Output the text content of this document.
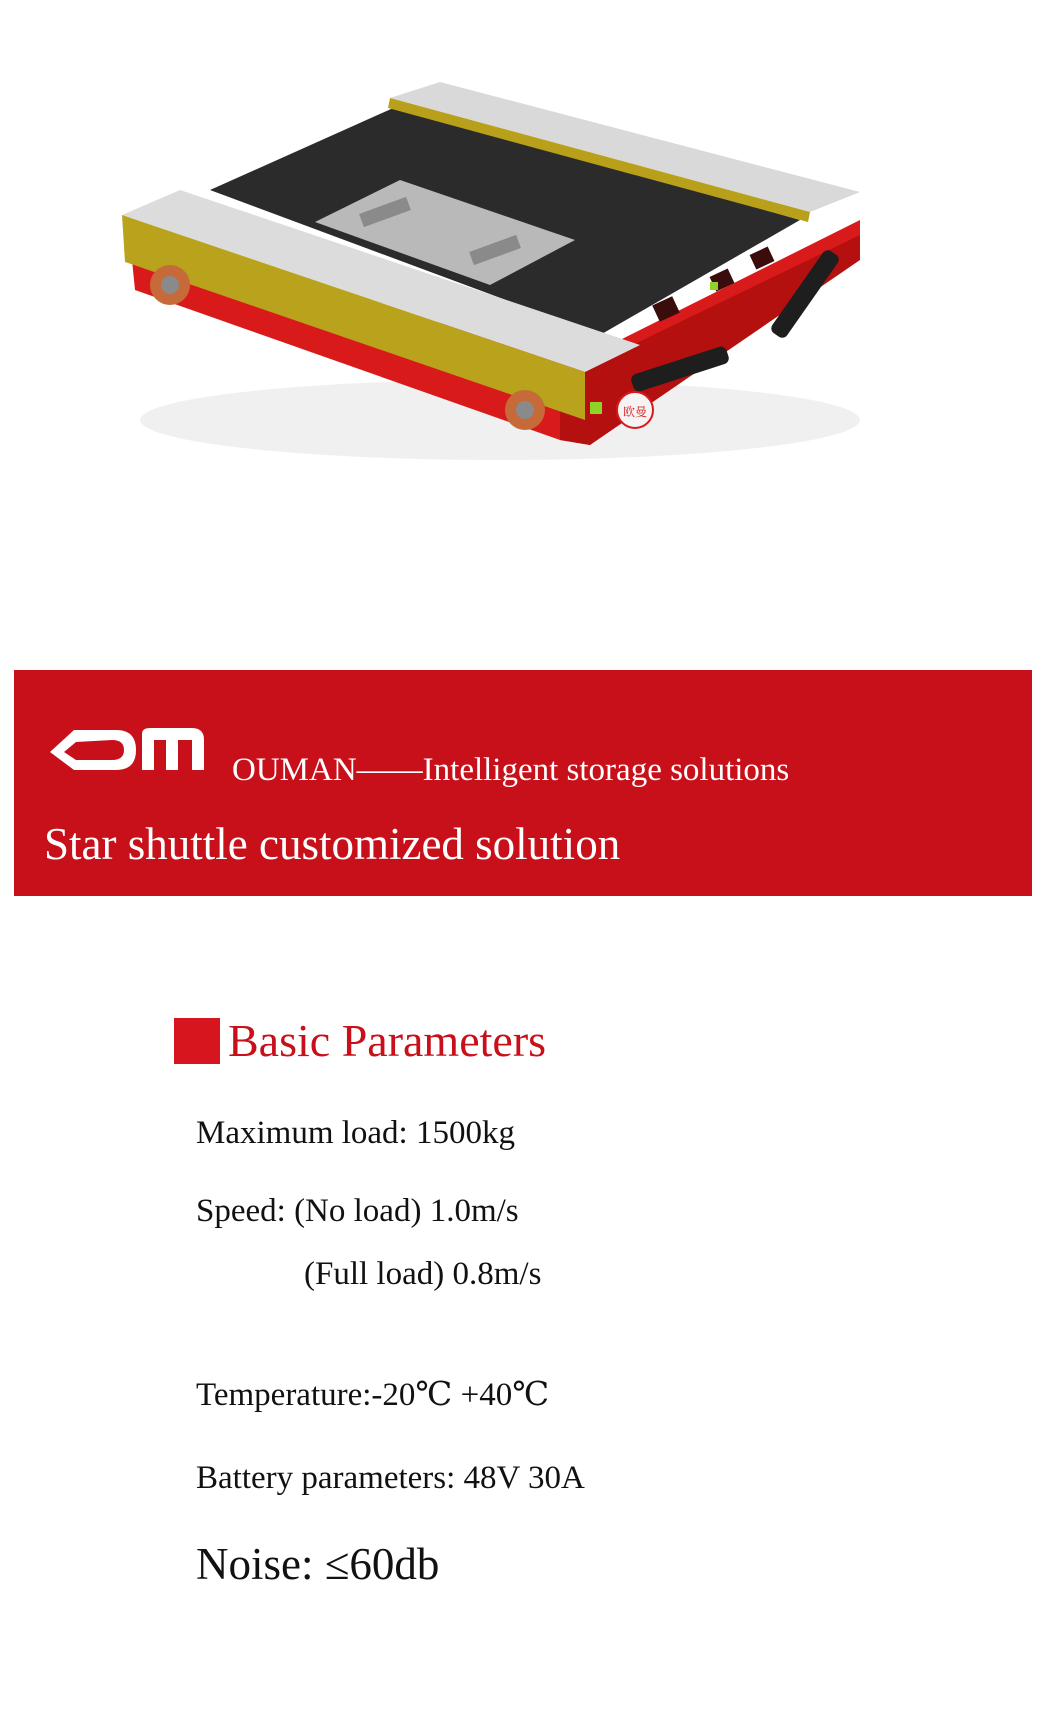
欧曼
OUMAN——Intelligent storage solutions
Star shuttle customized solution
Basic Parameters
Maximum load: 1500kg
Speed: (No load) 1.0m/s
(Full load) 0.8m/s
Temperature:-20℃ +40℃
Battery parameters: 48V 30A
Noise: ≤60db
